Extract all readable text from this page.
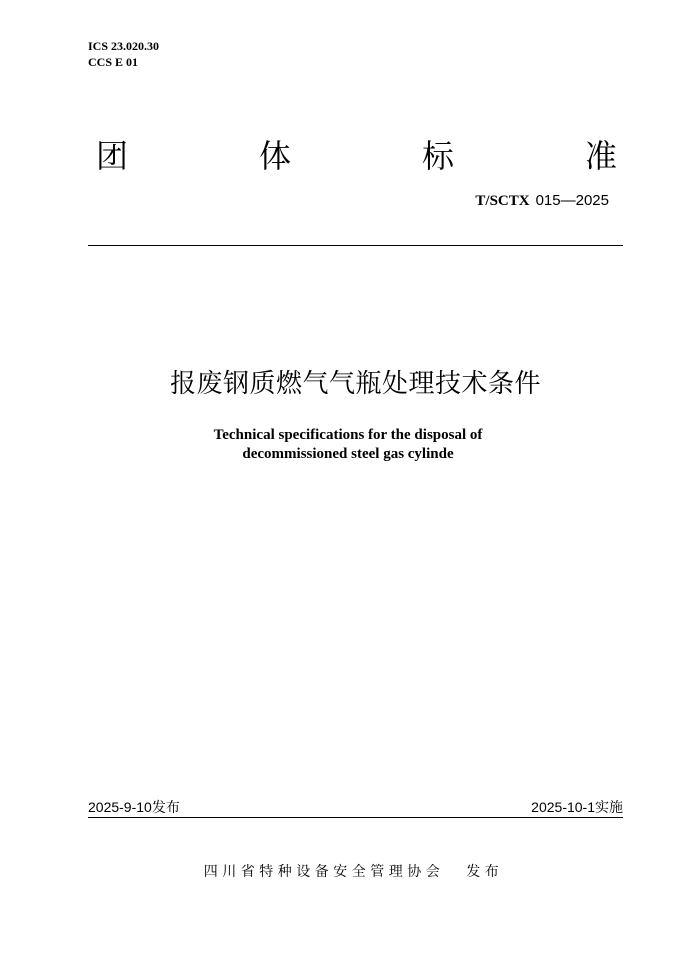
ICS 23.020.30
CCS E 01
团	体	标	准
T/SCTX 015—2025
报废钢质燃气气瓶处理技术条件
Technical specifications for the disposal of
decommissioned steel gas cylinde
2025-9-10发布	2025-10-1实施
四川省特种设备安全管理协会 发布
